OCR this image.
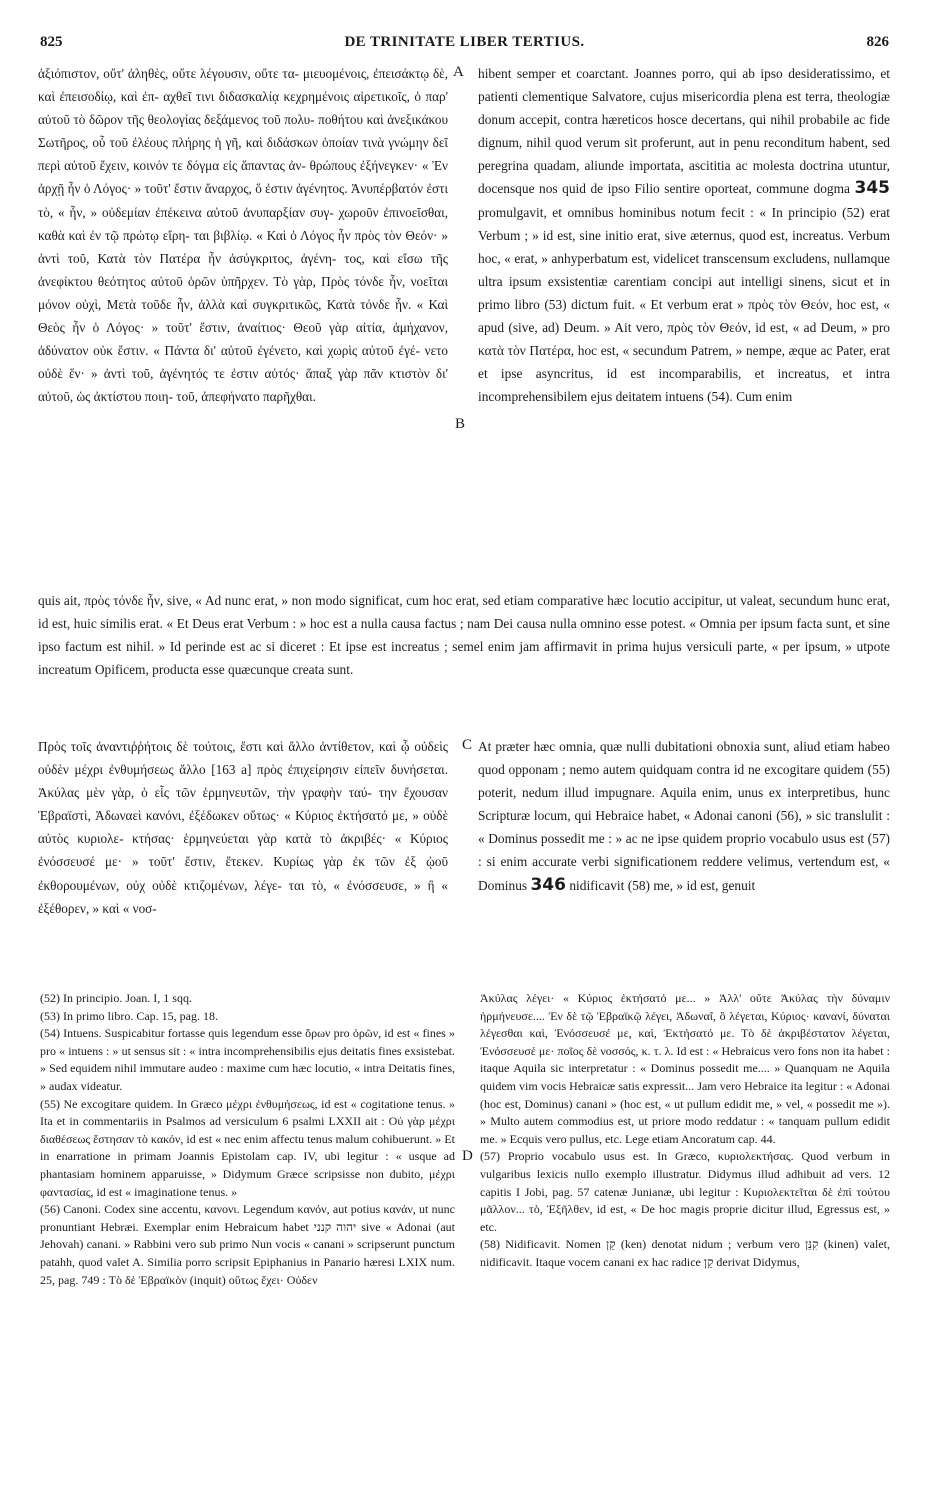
825	DE TRINITATE LIBER TERTIUS.	826
ἀξιόπιστον, οὔτ' ἀληθὲς, οὔτε λέγουσιν, οὔτε τα- μιευομένοις, ἐπεισάκτῳ δὲ, καὶ ἐπεισοδίῳ, καὶ ἐπ- αχθεῖ τινι διδασκαλίᾳ κεχρημένοις αἱρετικοῖς, ὁ παρ' αὐτοῦ τὸ δῶρον τῆς θεολογίας δεξάμενος τοῦ πολυ- ποθήτου καὶ ἀνεξικάκου Σωτῆρος, οὗ τοῦ ἐλέους πλήρης ἡ γῆ, καὶ διδάσκων ὁποίαν τινὰ γνώμην δεῖ περὶ αὐτοῦ ἔχειν, κοινόν τε δόγμα εἰς ἅπαντας ἀν- θρώπους ἐξήνεγκεν· « Ἐν ἀρχῇ ἦν ὁ Λόγος· » τοῦτ' ἔστιν ἄναρχος, ὅ ἐστιν ἀγένητος. Ἀνυπέρβατόν ἐστι τὸ, « ἦν, » οὐδεμίαν ἐπέκεινα αὐτοῦ ἀνυπαρξίαν συγ- χωροῦν ἐπινοεῖσθαι, καθὰ καὶ ἐν τῷ πρώτῳ εἴρη- ται βιβλίῳ. « Καὶ ὁ Λόγος ἦν πρὸς τὸν Θεόν· » ἀντὶ τοῦ, Κατὰ τὸν Πατέρα ἦν ἀσύγκριτος, ἀγένη- τος, καὶ εἴσω τῆς ἀνεφίκτου θεότητος αὐτοῦ ὁρῶν ὑπῆρχεν. Τὸ γὰρ, Πρὸς τόνδε ἦν, νοεῖται μόνον οὐχὶ, Μετὰ τοῦδε ἦν, ἀλλὰ καὶ συγκριτικῶς, Κατὰ τόνδε ἦν. « Καὶ Θεὸς ἦν ὁ Λόγος· » τοῦτ' ἔστιν, ἀναίτιος· Θεοῦ γὰρ αἰτία, ἀμήχανον, ἀδύνατον οὐκ ἔστιν. « Πάντα δι' αὐτοῦ ἐγένετο, καὶ χωρὶς αὐτοῦ ἐγέ- νετο οὐδὲ ἕν· » ἀντὶ τοῦ, ἀγένητός τε ἐστιν αὐτός· ἅπαξ γὰρ πᾶν κτιστὸν δι' αὐτοῦ, ὡς ἀκτίστου ποιη- τοῦ, ἀπεφήνατο παρῆχθαι.
hibent semper et coarctant. Joannes porro, qui ab ipso desideratissimo, et patienti clementique Salvatore, cujus misericordia plena est terra, theologiæ donum accepit, contra hæreticos hosce decertans, qui nihil probabile ac fide dignum, nihil quod verum sit proferunt, aut in penu reconditum habent, sed peregrina quadam, aliunde importata, ascititia ac molesta doctrina utuntur, docensque nos quid de ipso Filio sentire oporteat, commune dogma 345 promulgavit, et omnibus hominibus notum fecit : « In principio (52) erat Verbum ; » id est, sine initio erat, sive æternus, quod est, increatus. Verbum hoc, « erat, » anhyperbatum est, videlicet transcensum excludens, nullamque ultra ipsum exsistentiæ carentiam concipi aut intelligi sinens, sicut et in primo libro (53) dictum fuit. « Et verbum erat » πρὸς τὸν Θεόν, hoc est, « apud (sive, ad) Deum. » Ait vero, πρὸς τὸν Θεόν, id est, « ad Deum, » pro κατὰ τὸν Πατέρα, hoc est, « secundum Patrem, » nempe, æque ac Pater, erat et ipse asyncritus, id est incomparabilis, et increatus, et intra incomprehensibilem ejus deitatem intuens (54). Cum enim
quis ait, πρὸς τόνδε ἦν, sive, « Ad nunc erat, » non modo significat, cum hoc erat, sed etiam comparative hæc locutio accipitur, ut valeat, secundum hunc erat, id est, huic similis erat. « Et Deus erat Verbum : » hoc est a nulla causa factus ; nam Dei causa nulla omnino esse potest. « Omnia per ipsum facta sunt, et sine ipso factum est nihil. » Id perinde est ac si diceret : Et ipse est increatus ; semel enim jam affirmavit in prima hujus versiculi parte, « per ipsum, » utpote increatum Opificem, producta esse quæcunque creata sunt.
Πρὸς τοῖς ἀναντιῤῥήτοις δὲ τούτοις, ἔστι καὶ ἄλλο ἀντίθετον, καὶ ᾧ οὐδεὶς οὐδὲν μέχρι ἐνθυμήσεως ἄλλο [163 a] πρὸς ἐπιχείρησιν εἰπεῖν δυνήσεται. Ἀκύλας μὲν γὰρ, ὁ εἷς τῶν ἑρμηνευτῶν, τὴν γραφὴν ταύ- την ἔχουσαν Ἑβραϊστὶ, Ἀδωναεὶ κανόνι, ἐξέδωκεν οὕτως· « Κύριος ἐκτήσατό με, » οὐδὲ αὐτὸς κυριολε- κτήσας· ἑρμηνεύεται γὰρ κατὰ τὸ ἀκριβές· « Κύριος ἐνόσσευσέ με· » τοῦτ' ἔστιν, ἔτεκεν. Κυρίως γὰρ ἐκ τῶν ἐξ ᾠοῦ ἐκθορουμένων, οὐχ οὐδὲ κτιζομένων, λέγε- ται τὸ, « ἐνόσσευσε, » ἢ « ἐξέθορεν, » καὶ « νοσ-
At præter hæc omnia, quæ nulli dubitationi obnoxia sunt, aliud etiam habeo quod opponam ; nemo autem quidquam contra id ne excogitare quidem (55) poterit, nedum illud impugnare. Aquila enim, unus ex interpretibus, hunc Scripturæ locum, qui Hebraice habet, « Adonai canoni (56), » sic translulit : « Dominus possedit me : » ac ne ipse quidem proprio vocabulo usus est (57) : si enim accurate verbi significationem reddere velimus, vertendum est, « Dominus 346 nidificavit (58) me, » id est, genuit
A
B
C
D

(52) In principio. Joan. I, 1 sqq.

(53) In primo libro. Cap. 15, pag. 18.

(54) Intuens. Suspicabitur fortasse quis legendum esse ὅρων pro ὁρῶν, id est « fines » pro « intuens : » ut sensus sit : « intra incomprehensibilis ejus deitatis fines exsistebat. » Sed equidem nihil immutare audeo : maxime cum hæc locutio, « intra Deitatis fines, » audax videatur.

(55) Ne excogitare quidem. In Græco μέχρι ἐνθυμήσεως, id est « cogitatione tenus. » Ita et in commentariis in Psalmos ad versiculum 6 psalmi LXXII ait : Οὐ γὰρ μέχρι διαθέσεως ἔστησαν τὸ κακόν, id est « nec enim affectu tenus malum cohibuerunt. » Et in enarratione in primam Joannis Epistolam cap. IV, ubi legitur : « usque ad phantasiam hominem apparuisse, » Didymum Græce scripsisse non dubito, μέχρι φαντασίας, id est « imaginatione tenus. »

(56) Canoni. Codex sine accentu, κανονι. Legendum κανόν, aut potius κανάν, ut nunc pronuntiant Hebræi. Exemplar enim Hebraicum habet יהוה קנני sive « Adonai (aut Jehovah) canani. » Rabbini vero sub primo Nun vocis « canani » scripserunt punctum patahh, quod valet A. Similia porro scripsit Epiphanius in Panario hæresi LXIX num. 25, pag. 749 : Τὸ δὲ Ἑβραϊκὸν (inquit) οὕτως ἔχει· Οὐδεν

Ἀκύλας λέγει· « Κύριος ἐκτήσατό με... » Ἀλλ' οὔτε Ἀκύλας τὴν δύναμιν ἡρμήνευσε.... Ἐν δὲ τῷ Ἑβραϊκῷ λέγει, Ἀδωναΐ, ὃ λέγεται, Κύριος· κανανί, δύναται λέγεσθαι καὶ, Ἐνόσσευσέ με, καὶ, Ἐκτήσατό με. Τὸ δὲ ἀκριβέστατον λέγεται, Ἐνόσσευσέ με· ποῖος δὲ νοσσός, κ. τ. λ. Id est : « Hebraicus vero fons non ita habet : itaque Aquila sic interpretatur : « Dominus possedit me.... » Quanquam ne Aquila quidem vim vocis Hebraicæ satis expressit... Jam vero Hebraice ita legitur : « Adonai (hoc est, Dominus) canani » (hoc est, « ut pullum edidit me, » vel, « possedit me »). » Multo autem commodius est, ut priore modo reddatur : « tanquam pullum edidit me. » Ecquis vero pullus, etc. Lege etiam Ancoratum cap. 44.

(57) Proprio vocabulo usus est. In Græco, κυριολεκτήσας. Quod verbum in vulgaribus lexicis nullo exemplo illustratur. Didymus illud adhibuit ad vers. 12 capitis I Jobi, pag. 57 catenæ Junianæ, ubi legitur : Κυριολεκτεῖται δὲ ἐπὶ τούτου μᾶλλον... τὸ, Ἐξῆλθεν, id est, « De hoc magis proprie dicitur illud, Egressus est, » etc.

(58) Nidificavit. Nomen קֵן (ken) denotat nidum ; verbum vero קִנֵּן (kinen) valet, nidificavit. Itaque vocem canani ex hac radice קֵן derivat Didymus,
